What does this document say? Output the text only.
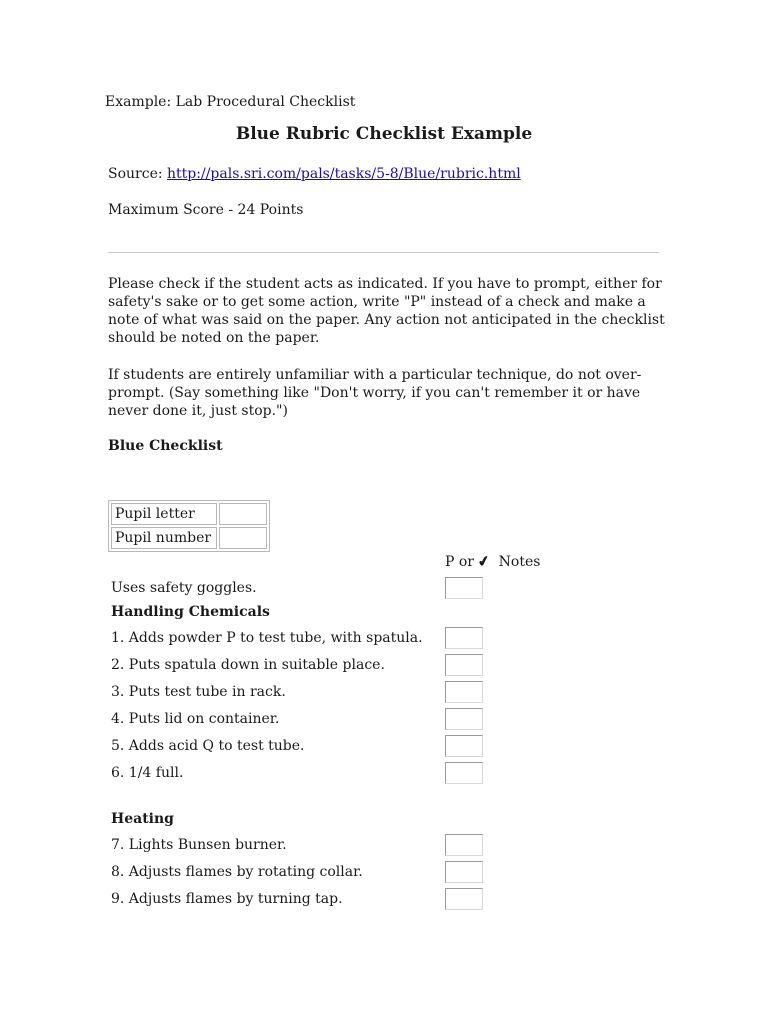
Example: Lab Procedural Checklist
Blue Rubric Checklist Example
Source: http://pals.sri.com/pals/tasks/5-8/Blue/rubric.html
Maximum Score - 24 Points
Please check if the student acts as indicated. If you have to prompt, either for safety's sake or to get some action, write "P" instead of a check and make a note of what was said on the paper. Any action not anticipated in the checklist should be noted on the paper.
If students are entirely unfamiliar with a particular technique, do not over-prompt. (Say something like "Don't worry, if you can't remember it or have never done it, just stop.")
Blue Checklist
Pupil letter	
Pupil number	
P or ✔ Notes
Uses safety goggles.
Handling Chemicals
1. Adds powder P to test tube, with spatula.
2. Puts spatula down in suitable place.
3. Puts test tube in rack.
4. Puts lid on container.
5. Adds acid Q to test tube.
6. 1/4 full.
Heating
7. Lights Bunsen burner.
8. Adjusts flames by rotating collar.
9. Adjusts flames by turning tap.
